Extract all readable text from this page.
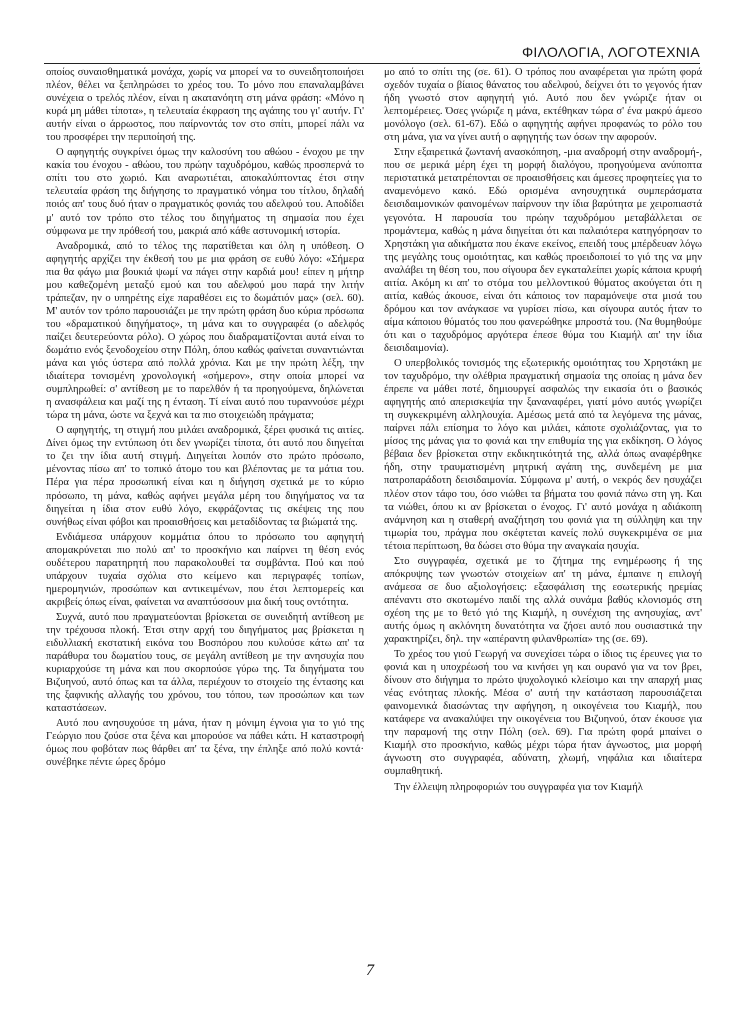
ΦΙΛΟΛΟΓΙΑ, ΛΟΓΟΤΕΧΝΙΑ

οποίος συναισθηματικά μονάχα, χωρίς να μπορεί να το συνειδητοποιήσει πλέον, θέλει να ξεπληρώσει το χρέος του. Το μόνο που επαναλαμβάνει συνέχεια ο τρελός πλέον, είναι η ακατανόητη στη μάνα φράση: «Μόνο η κυρά μη μάθει τίποτα», η τελευταία έκφραση της αγάπης του γι' αυτήν. Γι' αυτήν είναι ο άρρωστος, που παίρνοντάς τον στο σπίτι, μπορεί πάλι να του προσφέρει την περιποίησή της.

Ο αφηγητής συγκρίνει όμως την καλοσύνη του αθώου - ένοχου με την κακία του ένοχου - αθώου, του πρώην ταχυδρόμου, καθώς προσπερνά το σπίτι του στο χωριό. Και αναρωτιέται, αποκαλύπτοντας έτσι στην τελευταία φράση της διήγησης το πραγματικό νόημα του τίτλου, δηλαδή ποιός απ' τους δυό ήταν ο πραγματικός φονιάς του αδελφού του. Αποδίδει μ' αυτό τον τρόπο στο τέλος του διηγήματος τη σημασία που έχει σύμφωνα με την πρόθεσή του, μακριά από κάθε αστυνομική ιστορία.

Αναδρομικά, από το τέλος της παρατίθεται και όλη η υπόθεση. Ο αφηγητής αρχίζει την έκθεσή του με μια φράση σε ευθύ λόγο: «Σήμερα πια θα φάγω μια βουκιά ψωμί να πάγει στην καρδιά μου! είπεν η μήτηρ μου καθεζομένη μεταξύ εμού και του αδελφού μου παρά την λιτήν τράπεζαν, ην ο υπηρέτης είχε παραθέσει εις το δωμάτιόν μας» (σελ. 60). Μ' αυτόν τον τρόπο παρουσιάζει με την πρώτη φράση δυο κύρια πρόσωπα του «δραματικού διηγήματος», τη μάνα και το συγγραφέα (ο αδελφός παίζει δευτερεύοντα ρόλο). Ο χώρος που διαδραματίζονται αυτά είναι το δωμάτιο ενός ξενοδοχείου στην Πόλη, όπου καθώς φαίνεται συναντιώνται μάνα και γιός ύστερα από πολλά χρόνια. Και με την πρώτη λέξη, την ιδιαίτερα τονισμένη χρονολογική «σήμερον», στην οποία μπορεί να συμπληρωθεί: σ' αντίθεση με το παρελθόν ή τα προηγούμενα, δηλώνεται η ανασφάλεια και μαζί της η ένταση. Τί είναι αυτό που τυραννούσε μέχρι τώρα τη μάνα, ώστε να ξεχνά και τα πιο στοιχειώδη πράγματα;

Ο αφηγητής, τη στιγμή που μιλάει αναδρομικά, ξέρει φυσικά τις αιτίες. Δίνει όμως την εντύπωση ότι δεν γνωρίζει τίποτα, ότι αυτό που διηγείται το ζει την ίδια αυτή στιγμή. Διηγείται λοιπόν στο πρώτο πρόσωπο, μένοντας πίσω απ' το τοπικό άτομο του και βλέποντας με τα μάτια του. Πέρα για πέρα προσωπική είναι και η διήγηση σχετικά με το κύριο πρόσωπο, τη μάνα, καθώς αφήνει μεγάλα μέρη του διηγήματος να τα διηγείται η ίδια στον ευθύ λόγο, εκφράζοντας τις σκέψεις της που συνήθως είναι φόβοι και προαισθήσεις και μεταδίδοντας τα βιώματά της.

Ενδιάμεσα υπάρχουν κομμάτια όπου το πρόσωπο του αφηγητή απομακρύνεται πιο πολύ απ' το προσκήνιο και παίρνει τη θέση ενός ουδέτερου παρατηρητή που παρακολουθεί τα συμβάντα. Πού και πού υπάρχουν τυχαία σχόλια στο κείμενο και περιγραφές τοπίων, ημερομηνιών, προσώπων και αντικειμένων, που έτσι λεπτομερείς και ακριβείς όπως είναι, φαίνεται να αναπτύσσουν μια δική τους οντότητα.

Συχνά, αυτό που πραγματεύονται βρίσκεται σε συνειδητή αντίθεση με την τρέχουσα πλοκή. Έτσι στην αρχή του διηγήματος μας βρίσκεται η ειδυλλιακή εκστατική εικόνα του Βοσπόρου που κυλούσε κάτω απ' τα παράθυρα του δωματίου τους, σε μεγάλη αντίθεση με την ανησυχία που κυριαρχούσε τη μάνα και που σκορπούσε γύρω της. Τα διηγήματα του Βιζυηνού, αυτό όπως και τα άλλα, περιέχουν το στοιχείο της έντασης και της ξαφνικής αλλαγής του χρόνου, του τόπου, των προσώπων και των καταστάσεων.

Αυτό που ανησυχούσε τη μάνα, ήταν η μόνιμη έγνοια για το γιό της Γεώργιο που ζούσε στα ξένα και μπορούσε να πάθει κάτι. Η καταστροφή όμως που φοβόταν πως θάρθει απ' τα ξένα, την έπληξε από πολύ κοντά· συνέβηκε πέντε ώρες δρόμο

μο από το σπίτι της (σε. 61). Ο τρόπος που αναφέρεται για πρώτη φορά σχεδόν τυχαία ο βίαιος θάνατος του αδελφού, δείχνει ότι το γεγονός ήταν ήδη γνωστό στον αφηγητή γιό. Αυτό που δεν γνώριζε ήταν οι λεπτομέρειες. Όσες γνώριζε η μάνα, εκτέθηκαν τώρα σ' ένα μακρύ άμεσο μονόλογο (σελ. 61-67). Εδώ ο αφηγητής αφήνει προφανώς το ρόλο του στη μάνα, για να γίνει αυτή ο αφηγητής των όσων την αφορούν.

Στην εξαιρετικά ζωντανή ανασκόπηση, -μια αναδρομή στην αναδρομή-, που σε μερικά μέρη έχει τη μορφή διαλόγου, προηγούμενα ανύποπτα περιστατικά μετατρέπονται σε προαισθήσεις και άμεσες προφητείες για το αναμενόμενο κακό. Εδώ ορισμένα ανησυχητικά συμπεράσματα δεισιδαιμονικών φαινομένων παίρνουν την ίδια βαρύτητα με χειροπιαστά γεγονότα. Η παρουσία του πρώην ταχυδρόμου μεταβάλλεται σε προμάντεμα, καθώς η μάνα διηγείται ότι και παλαιότερα κατηγόρησαν το Χρηστάκη για αδικήματα που έκανε εκείνος, επειδή τους μπέρδευαν λόγω της μεγάλης τους ομοιότητας, και καθώς προειδοποιεί το γιό της να μην αναλάβει τη θέση του, που σίγουρα δεν εγκαταλείπει χωρίς κάποια κρυφή αιτία. Ακόμη κι απ' το στόμα του μελλοντικού θύματος ακούγεται ότι η αιτία, καθώς άκουσε, είναι ότι κάποιος τον παραμόνεψε στα μισά του δρόμου και τον ανάγκασε να γυρίσει πίσω, και σίγουρα αυτός ήταν το αίμα κάποιου θύματός του που φανερώθηκε μπροστά του. (Να θυμηθούμε ότι και ο ταχυδρόμος αργότερα έπεσε θύμα του Κιαμήλ απ' την ίδια δεισιδαιμονία).

Ο υπερβολικός τονισμός της εξωτερικής ομοιότητας του Χρηστάκη με τον ταχυδρόμο, την ολέθρια πραγματική σημασία της οποίας η μάνα δεν έπρεπε να μάθει ποτέ, δημιουργεί ασφαλώς την εικασία ότι ο βασικός αφηγητής από απερισκεψία την ξαναναφέρει, γιατί μόνο αυτός γνωρίζει τη συγκεκριμένη αλληλουχία. Αμέσως μετά από τα λεγόμενα της μάνας, παίρνει πάλι επίσημα το λόγο και μιλάει, κάποτε σχολιάζοντας, για το μίσος της μάνας για το φονιά και την επιθυμία της για εκδίκηση. Ο λόγος βέβαια δεν βρίσκεται στην εκδικητικότητά της, αλλά όπως αναφέρθηκε ήδη, στην τραυματισμένη μητρική αγάπη της, συνδεμένη με μια πατροπαράδοτη δεισιδαιμονία. Σύμφωνα μ' αυτή, ο νεκρός δεν ησυχάζει πλέον στον τάφο του, όσο νιώθει τα βήματα του φονιά πάνω στη γη. Και τα νιώθει, όπου κι αν βρίσκεται ο ένοχος. Γι' αυτό μονάχα η αδιάκοπη ανάμνηση και η σταθερή αναζήτηση του φονιά για τη σύλληψη και την τιμωρία του, πράγμα που σκέφτεται κανείς πολύ συγκεκριμένα σε μια τέτοια περίπτωση, θα δώσει στο θύμα την αναγκαία ησυχία.

Στο συγγραφέα, σχετικά με το ζήτημα της ενημέρωσης ή της απόκρυψης των γνωστών στοιχείων απ' τη μάνα, έμπαινε η επιλογή ανάμεσα σε δυο αξιολογήσεις: εξασφάλιση της εσωτερικής ηρεμίας απέναντι στο σκοτωμένο παιδί της αλλά συνάμα βαθύς κλονισμός στη σχέση της με το θετό γιό της Κιαμήλ, η συνέχιση της ανησυχίας, αντ' αυτής όμως η ακλόνητη δυνατότητα να ζήσει αυτό που ουσιαστικά την χαρακτηρίζει, δηλ. την «απέραντη φιλανθρωπία» της (σε. 69).

Το χρέος του γιού Γεωργή να συνεχίσει τώρα ο ίδιος τις έρευνες για το φονιά και η υποχρέωσή του να κινήσει γη και ουρανό για να τον βρει, δίνουν στο διήγημα το πρώτο ψυχολογικό κλείσιμο και την απαρχή μιας νέας ενότητας πλοκής. Μέσα σ' αυτή την κατάσταση παρουσιάζεται φαινομενικά διασώντας την αφήγηση, η οικογένεια του Κιαμήλ, που κατάφερε να ανακαλύψει την οικογένεια του Βιζυηνού, όταν έκουσε για την παραμονή της στην Πόλη (σελ. 69). Για πρώτη φορά μπαίνει ο Κιαμήλ στο προσκήνιο, καθώς μέχρι τώρα ήταν άγνωστος, μια μορφή άγνωστη στο συγγραφέα, αδύνατη, χλωμή, νηφάλια και ιδιαίτερα συμπαθητική.

Την έλλειψη πληροφοριών του συγγραφέα για τον Κιαμήλ

7
